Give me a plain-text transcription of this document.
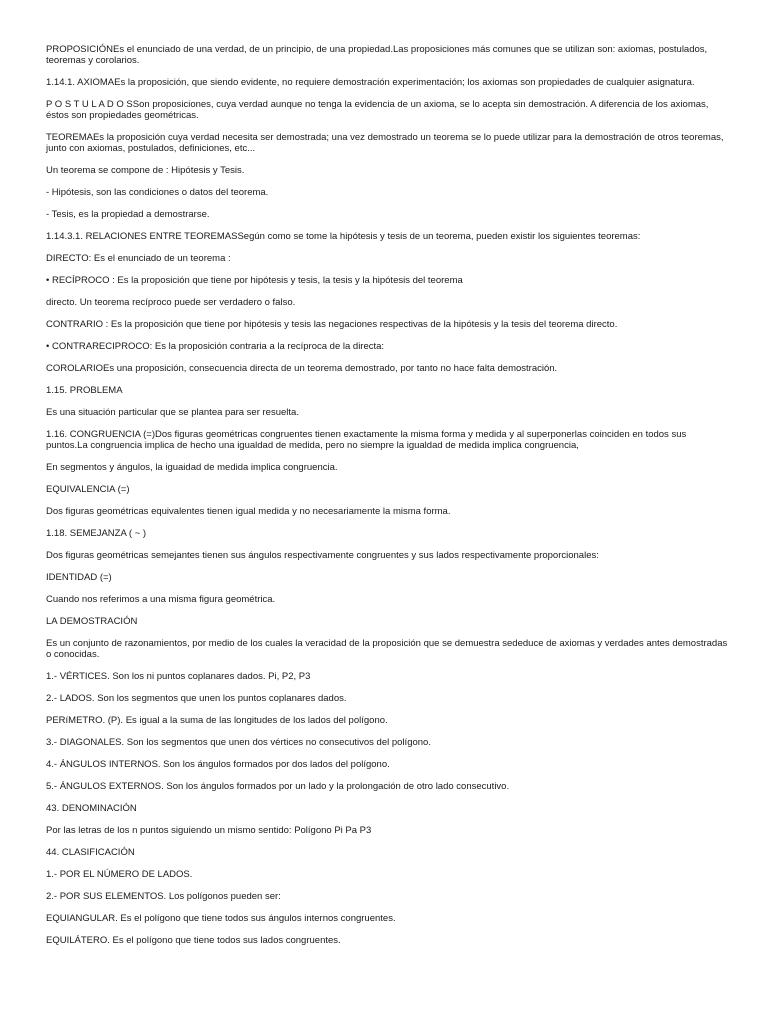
PROPOSICIÓNEs el enunciado de una verdad, de un principio, de una propiedad.Las proposiciones más comunes que se utilizan son: axiomas, postulados, teoremas y corolarios.

1.14.1. AXIOMAEs la proposición, que siendo evidente, no requiere demostración experimentación; los axiomas son propiedades de cualquier asignatura.

P O S T U L A D O SSon proposiciones, cuya verdad aunque no tenga la evidencia de un axioma, se lo acepta sin demostración. A diferencia de los axiomas, éstos son propiedades geométricas.

TEOREMAEs la proposición cuya verdad necesita ser demostrada; una vez demostrado un teorema se lo puede utilizar para la demostración de otros teoremas, junto con axiomas, postulados, definiciones, etc...

Un teorema se compone de : Hipótesis y Tesis.

- Hipótesis, son las condiciones o datos del teorema.

- Tesis, es la propiedad a demostrarse.

1.14.3.1. RELACIONES ENTRE TEOREMASSegún como se tome la hipótesis y tesis de un teorema, pueden existir los siguientes teoremas:

DIRECTO: Es el enunciado de un teorema :

• RECÍPROCO : Es la proposición que tiene por hipótesis y tesis, la tesis y la hipótesis del teorema

directo. Un teorema recíproco puede ser verdadero o falso.

CONTRARIO : Es la proposición que tiene por hipótesis y tesis las negaciones respectivas de la hipótesis y la tesis del teorema directo.

• CONTRARECIPROCO: Es la proposición contraria a la recíproca de la directa:

COROLARIOEs una proposición, consecuencia directa de un teorema demostrado, por tanto no hace falta demostración.

1.15. PROBLEMA

Es una situación particular que se plantea para ser resuelta.

1.16. CONGRUENCIA (=)Dos figuras geométricas congruentes tienen exactamente la misma forma y medida y al superponerlas coinciden en todos sus puntos.La congruencia implica de hecho una igualdad de medida, pero no siempre la igualdad de medida implica congruencia,

En segmentos y ángulos, la iguaidad de medida implica congruencia.

EQUIVALENCIA (=)

Dos figuras geométricas equivalentes tienen igual medida y no necesariamente la misma forma.

1.18. SEMEJANZA ( ~ )

Dos figuras geométricas semejantes tienen sus ángulos respectivamente congruentes y sus lados respectivamente proporcionales:

IDENTIDAD (=)

Cuando nos referimos a una misma figura geométrica.

LA DEMOSTRACIÓN

Es un conjunto de razonamientos, por medio de los cuales la veracidad de la proposición que se demuestra sededuce de axiomas y verdades antes demostradas o conocidas.

1.- VÉRTICES. Son los ni puntos coplanares dados. Pi, P2, P3

2.- LADOS. Son los segmentos que unen los puntos coplanares dados.

PERíMETRO. (P). Es igual a la suma de las longitudes de los lados del polígono.

3.- DIAGONALES. Son los segmentos que unen dos vértices no consecutivos del polígono.

4.- ÁNGULOS INTERNOS. Son los ángulos formados por dos lados del polígono.

5.- ÁNGULOS EXTERNOS. Son los ángulos formados por un lado y la prolongación de otro lado consecutivo.

43. DENOMINACIÓN

Por las letras de los n puntos siguiendo un mismo sentido: Polígono Pi Pa P3

44. CLASIFICACIÓN

1.- POR EL NÚMERO DE LADOS.

2.- POR SUS ELEMENTOS. Los polígonos pueden ser:

EQUIANGULAR. Es el polígono que tiene todos sus ángulos internos congruentes.

EQUILÁTERO. Es el polígono que tiene todos sus lados congruentes.
